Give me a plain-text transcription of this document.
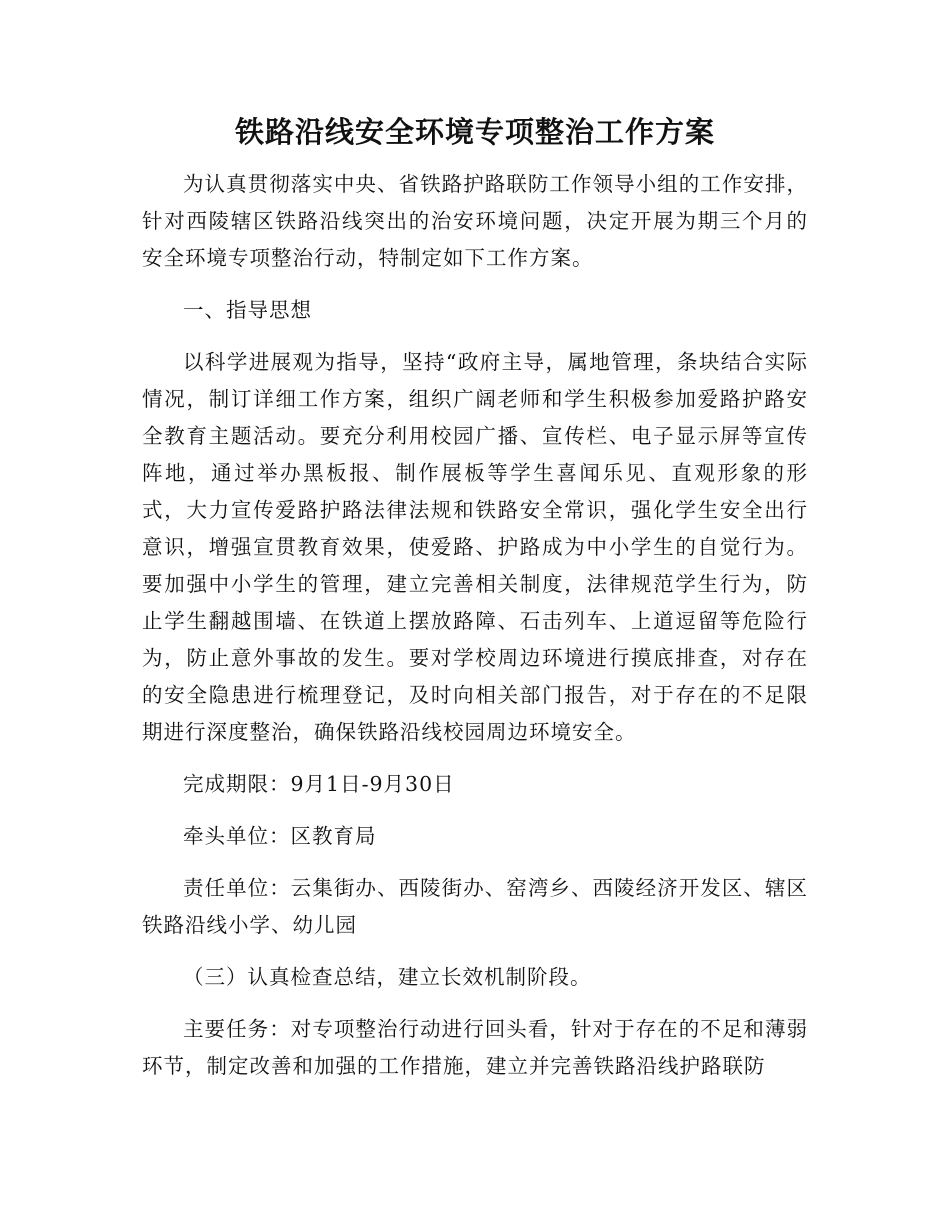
铁路沿线安全环境专项整治工作方案

为认真贯彻落实中央、省铁路护路联防工作领导小组的工作安排，针对西陵辖区铁路沿线突出的治安环境问题，决定开展为期三个月的安全环境专项整治行动，特制定如下工作方案。

一、指导思想

以科学进展观为指导，坚持“政府主导，属地管理，条块结合实际情况，制订详细工作方案，组织广阔老师和学生积极参加爱路护路安全教育主题活动。要充分利用校园广播、宣传栏、电子显示屏等宣传阵地，通过举办黑板报、制作展板等学生喜闻乐见、直观形象的形式，大力宣传爱路护路法律法规和铁路安全常识，强化学生安全出行意识，增强宣贯教育效果，使爱路、护路成为中小学生的自觉行为。要加强中小学生的管理，建立完善相关制度，法律规范学生行为，防止学生翻越围墙、在铁道上摆放路障、石击列车、上道逗留等危险行为，防止意外事故的发生。要对学校周边环境进行摸底排查，对存在的安全隐患进行梳理登记，及时向相关部门报告，对于存在的不足限期进行深度整治，确保铁路沿线校园周边环境安全。

完成期限：9月1日-9月30日

牵头单位：区教育局

责任单位：云集街办、西陵街办、窑湾乡、西陵经济开发区、辖区铁路沿线小学、幼儿园

（三）认真检查总结，建立长效机制阶段。

主要任务：对专项整治行动进行回头看，针对于存在的不足和薄弱环节，制定改善和加强的工作措施，建立并完善铁路沿线护路联防
